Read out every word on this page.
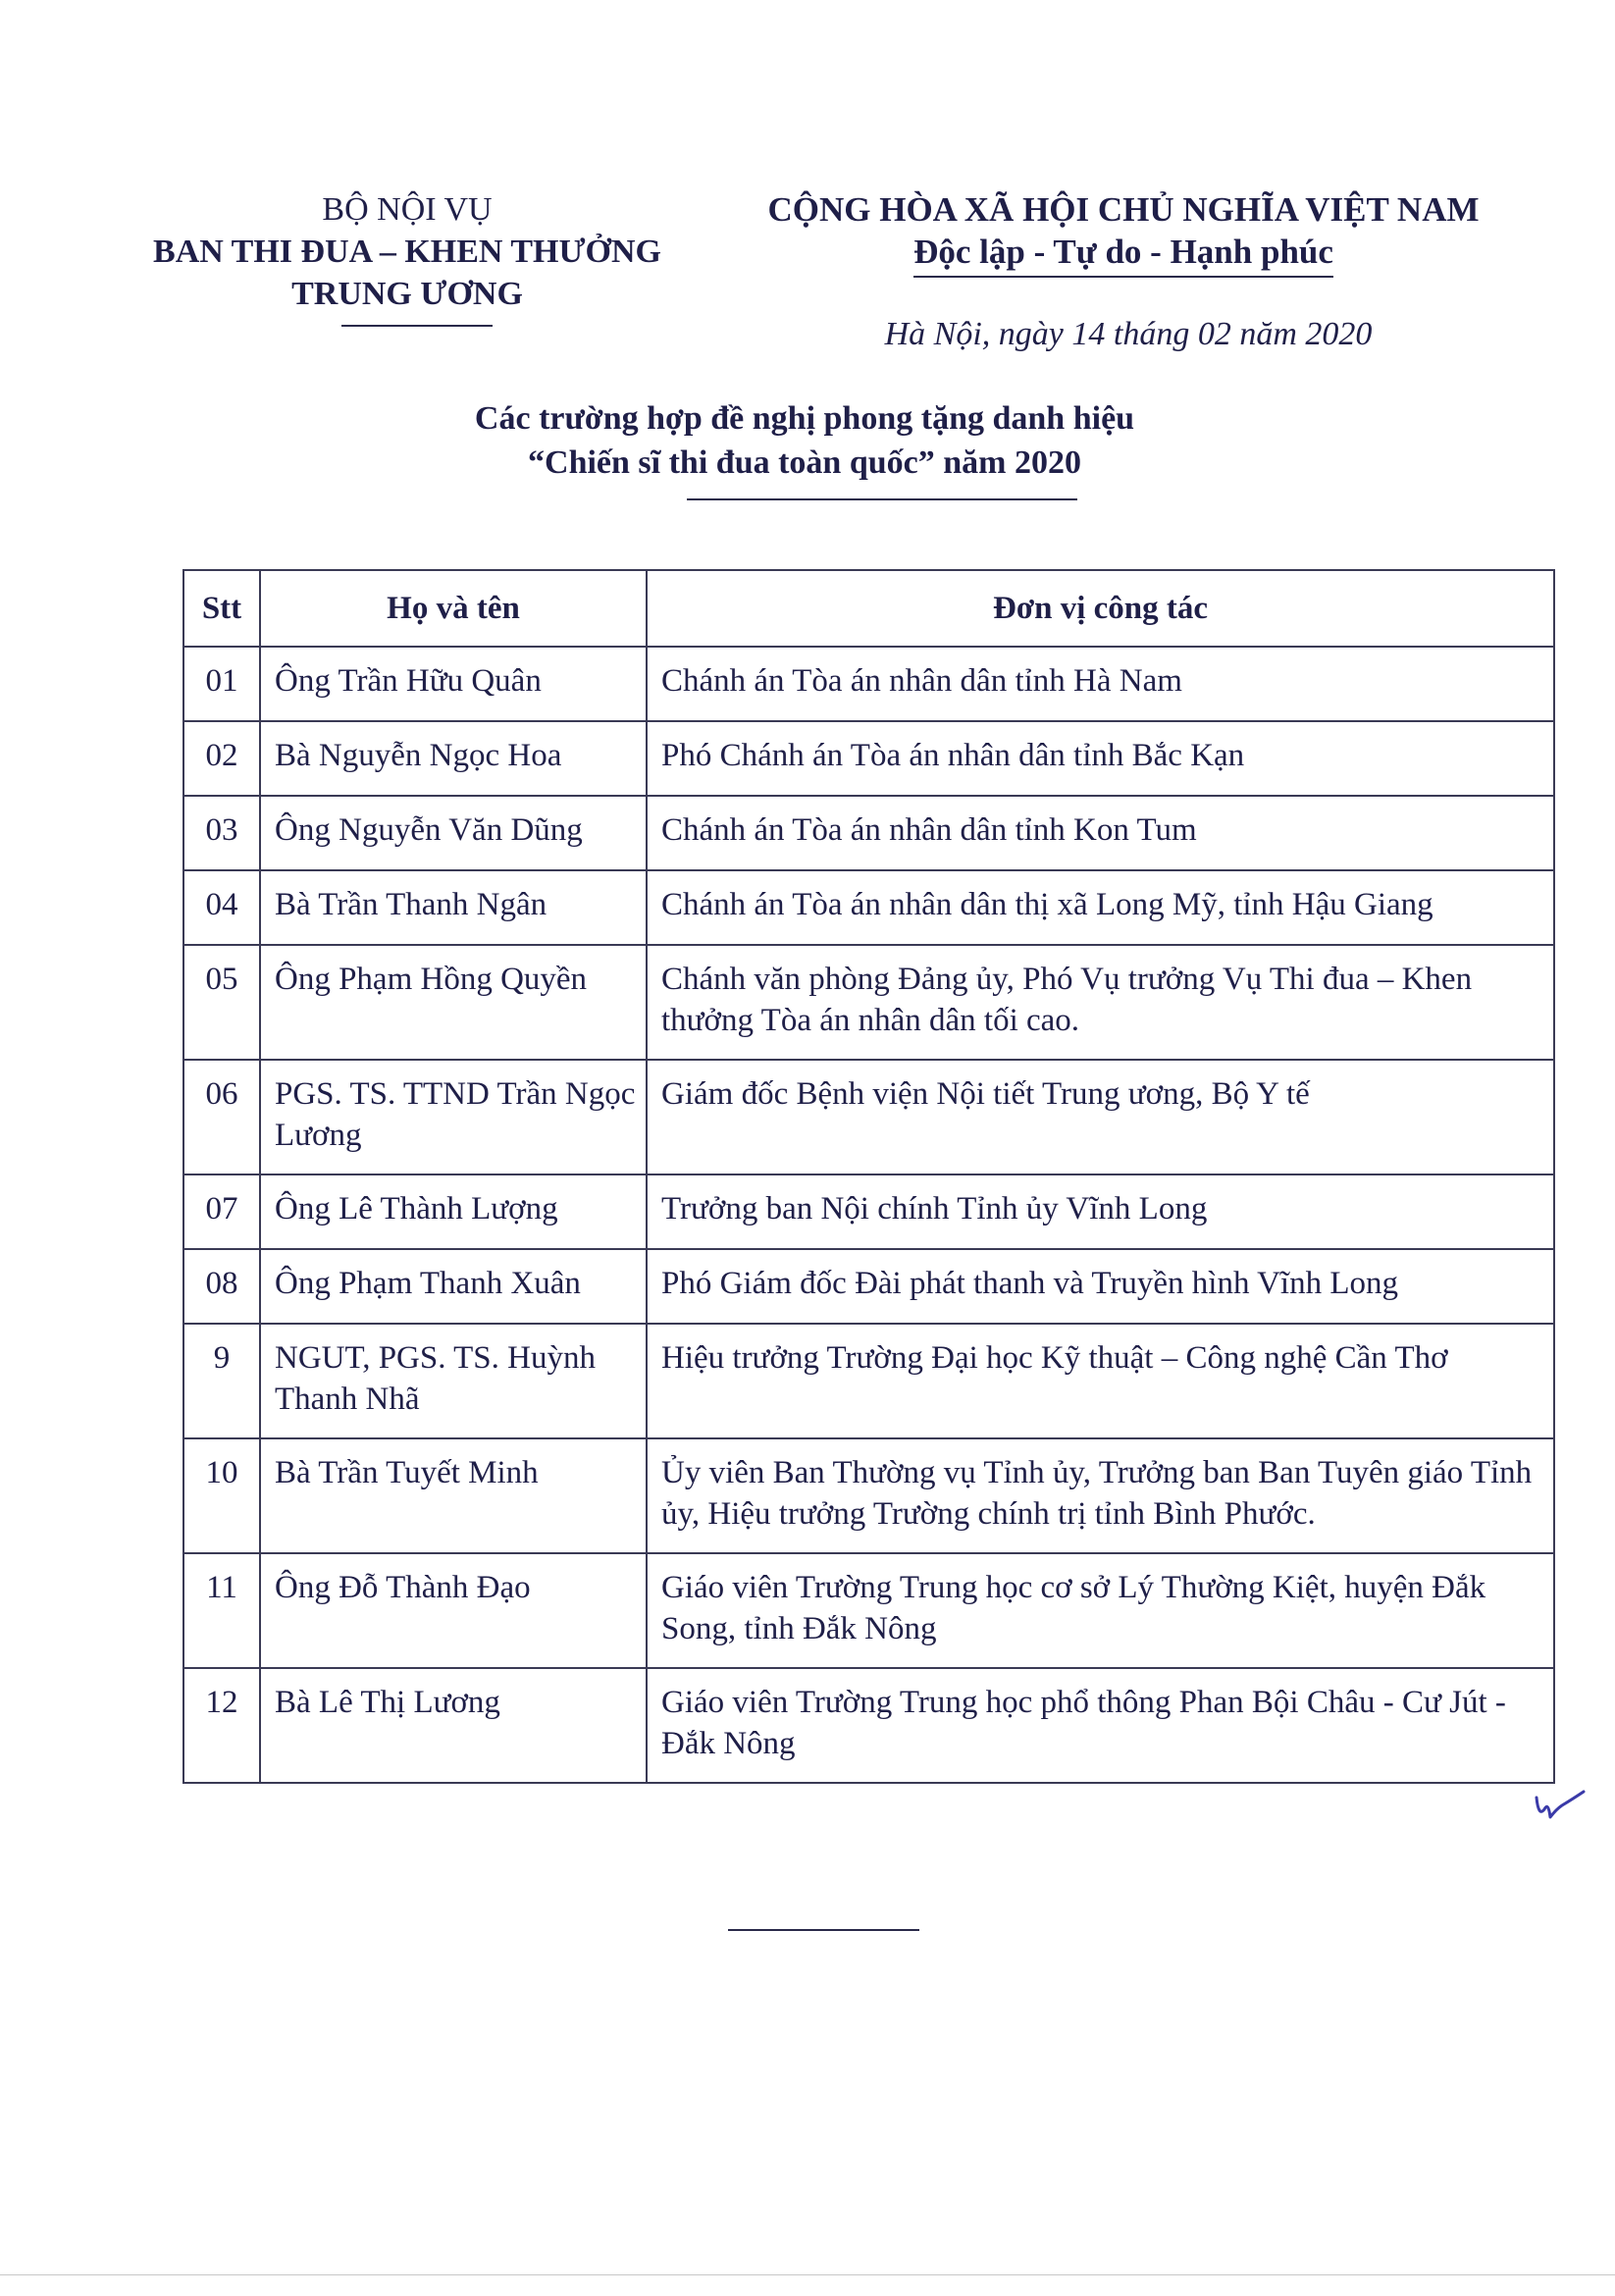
BỘ NỘI VỤ
BAN THI ĐUA – KHEN THƯỞNG
TRUNG ƯƠNG
CỘNG HÒA XÃ HỘI CHỦ NGHĨA VIỆT NAM
Độc lập - Tự do - Hạnh phúc
Hà Nội, ngày 14 tháng 02 năm 2020
Các trường hợp đề nghị phong tặng danh hiệu
“Chiến sĩ thi đua toàn quốc” năm 2020
Stt	Họ và tên	Đơn vị công tác
01	Ông Trần Hữu Quân	Chánh án Tòa án nhân dân tỉnh Hà Nam
02	Bà Nguyễn Ngọc Hoa	Phó Chánh án Tòa án nhân dân tỉnh Bắc Kạn
03	Ông Nguyễn Văn Dũng	Chánh án Tòa án nhân dân tỉnh Kon Tum
04	Bà Trần Thanh Ngân	Chánh án Tòa án nhân dân thị xã Long Mỹ, tỉnh Hậu Giang
05	Ông Phạm Hồng Quyền	Chánh văn phòng Đảng ủy, Phó Vụ trưởng Vụ Thi đua – Khen thưởng Tòa án nhân dân tối cao.
06	PGS. TS. TTND Trần Ngọc Lương	Giám đốc Bệnh viện Nội tiết Trung ương, Bộ Y tế
07	Ông Lê Thành Lượng	Trưởng ban Nội chính Tỉnh ủy Vĩnh Long
08	Ông Phạm Thanh Xuân	Phó Giám đốc Đài phát thanh và Truyền hình Vĩnh Long
9	NGUT, PGS. TS. Huỳnh Thanh Nhã	Hiệu trưởng Trường Đại học Kỹ thuật – Công nghệ Cần Thơ
10	Bà Trần Tuyết Minh	Ủy viên Ban Thường vụ Tỉnh ủy, Trưởng ban Ban Tuyên giáo Tỉnh ủy, Hiệu trưởng Trường chính trị tỉnh Bình Phước.
11	Ông Đỗ Thành Đạo	Giáo viên Trường Trung học cơ sở Lý Thường Kiệt, huyện Đắk Song, tỉnh Đắk Nông
12	Bà Lê Thị Lương	Giáo viên Trường Trung học phổ thông Phan Bội Châu - Cư Jút - Đắk Nông
